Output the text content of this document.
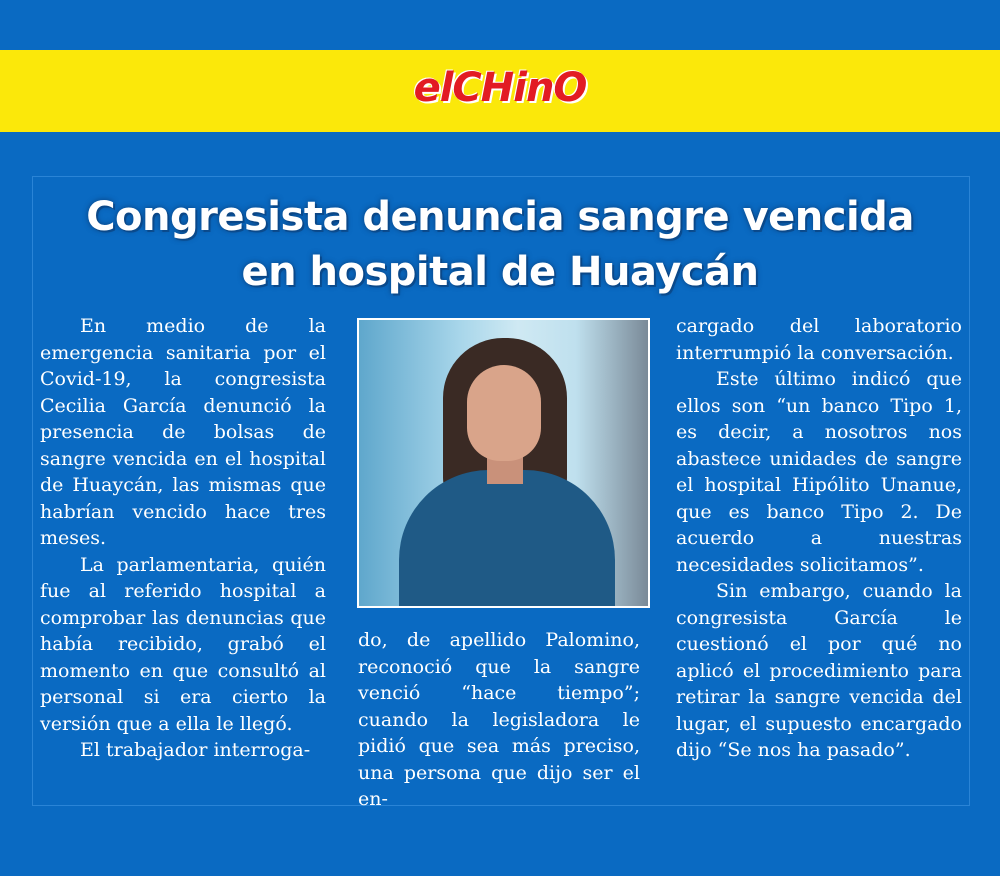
elCHinO
Congresista denuncia sangre vencida
en hospital de Huaycán

En medio de la emergencia sanitaria por el Covid-19, la congresista Cecilia García denunció la presencia de bolsas de sangre vencida en el hospital de Huaycán, las mismas que habrían vencido hace tres meses.

La parlamentaria, quién fue al referido hospital a comprobar las denuncias que había recibido, grabó el momento en que consultó al personal si era cierto la versión que a ella le llegó.

El trabajador interroga-

do, de apellido Palomino, reconoció que la sangre venció “hace tiempo”; cuando la legisladora le pidió que sea más preciso, una persona que dijo ser el en-

cargado del laboratorio interrumpió la conversación.

Este último indicó que ellos son “un banco Tipo 1, es decir, a nosotros nos abastece unidades de sangre el hospital Hipólito Unanue, que es banco Tipo 2. De acuerdo a nuestras necesidades solicitamos”.

Sin embargo, cuando la congresista García le cuestionó el por qué no aplicó el procedimiento para retirar la sangre vencida del lugar, el supuesto encargado dijo “Se nos ha pasado”.
